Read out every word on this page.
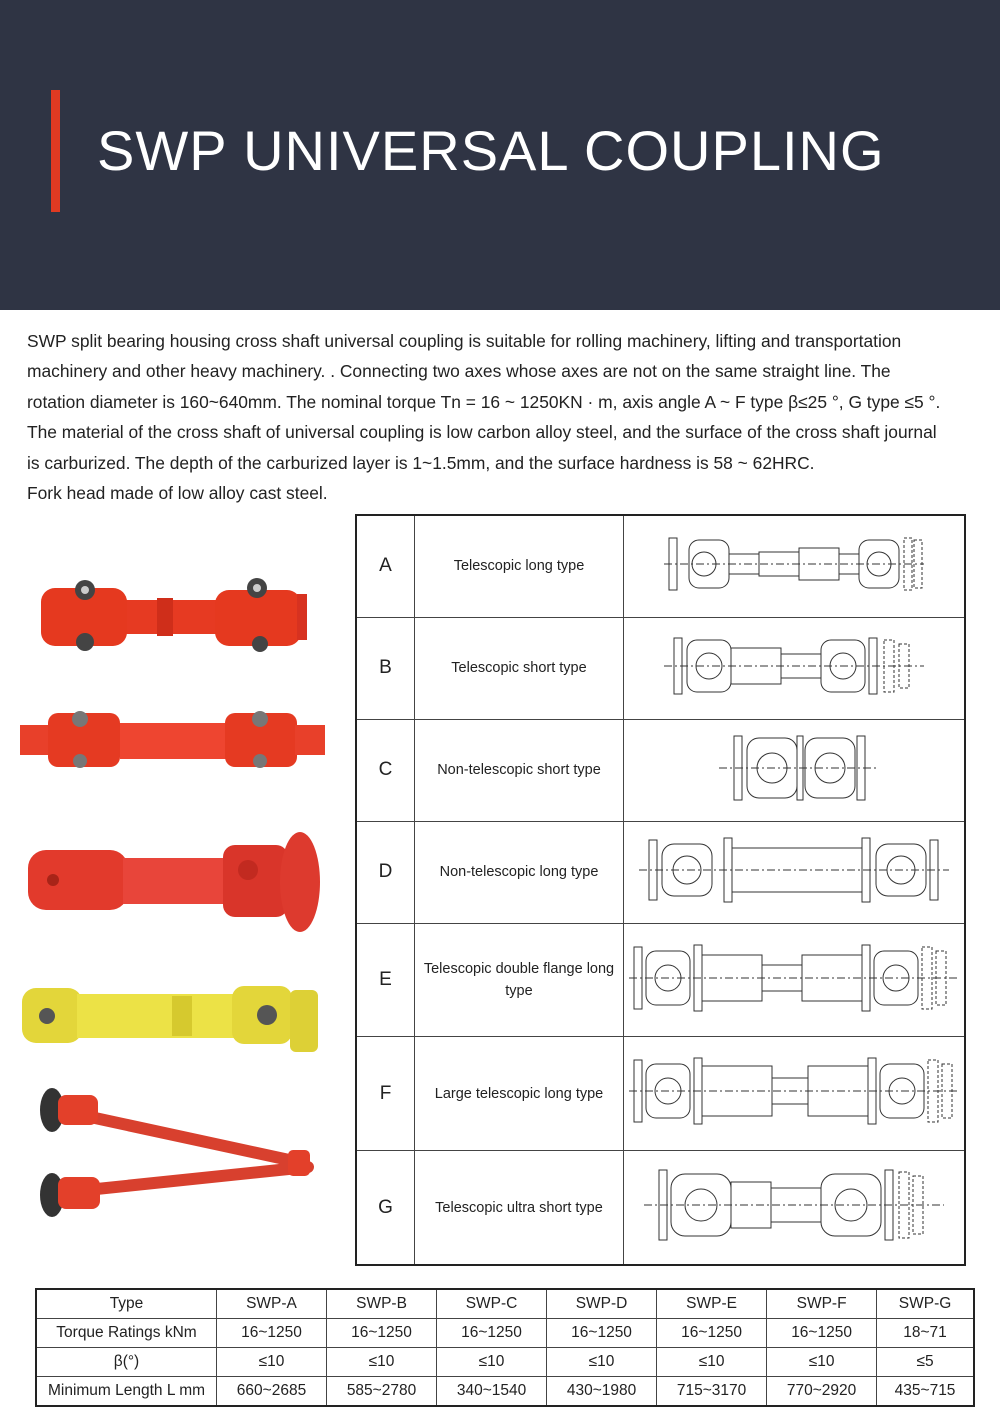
SWP UNIVERSAL COUPLING

SWP split bearing housing cross shaft universal coupling is suitable for rolling machinery, lifting and transportation

machinery and other heavy machinery. . Connecting two axes whose axes are not on the same straight line. The

rotation diameter is 160~640mm. The nominal torque Tn = 16 ~ 1250KN · m, axis angle A ~ F type β≤25 °, G type ≤5 °.

The material of the cross shaft of universal coupling is low carbon alloy steel, and the surface of the cross shaft journal

is carburized. The depth of the carburized layer is 1~1.5mm, and the surface hardness is 58 ~ 62HRC.

Fork head made of low alloy cast steel.

A	Telescopic long type	
B	Telescopic short type	
C	Non-telescopic short type	
D	Non-telescopic long type	
E	Telescopic double flange long type	
F	Large telescopic long type	
G	Telescopic ultra short type	
Type	SWP-A	SWP-B	SWP-C	SWP-D	SWP-E	SWP-F	SWP-G
Torque Ratings kNm	16~1250	16~1250	16~1250	16~1250	16~1250	16~1250	18~71
β(°)	≤10	≤10	≤10	≤10	≤10	≤10	≤5
Minimum Length L mm	660~2685	585~2780	340~1540	430~1980	715~3170	770~2920	435~715
